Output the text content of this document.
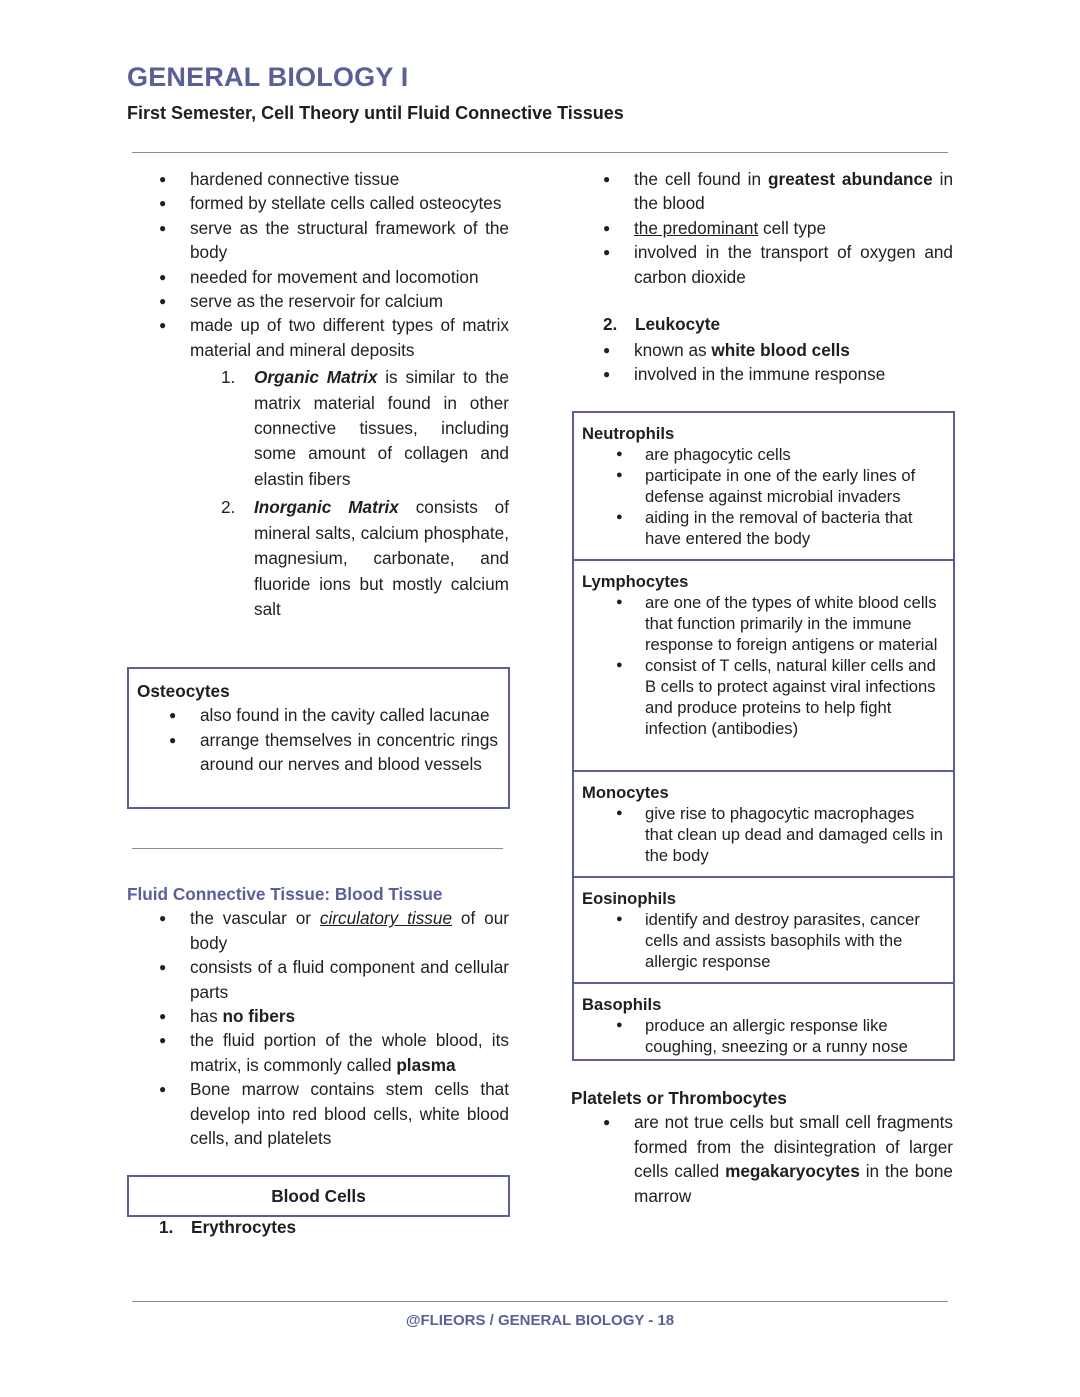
GENERAL BIOLOGY I
First Semester, Cell Theory until Fluid Connective Tissues
● hardened connective tissue
● formed by stellate cells called osteocytes
● serve as the structural framework of the body
● needed for movement and locomotion
● serve as the reservoir for calcium
● made up of two different types of matrix material and mineral deposits
1. Organic Matrix is similar to the matrix material found in other connective tissues, including some amount of collagen and elastin fibers
2. Inorganic Matrix consists of mineral salts, calcium phosphate, magnesium, carbonate, and fluoride ions but mostly calcium salt
Osteocytes
● also found in the cavity called lacunae
● arrange themselves in concentric rings around our nerves and blood vessels
Fluid Connective Tissue: Blood Tissue
● the vascular or circulatory tissue of our body
● consists of a fluid component and cellular parts
● has no fibers
● the fluid portion of the whole blood, its matrix, is commonly called plasma
● Bone marrow contains stem cells that develop into red blood cells, white blood cells, and platelets
Blood Cells
1. Erythrocytes
● the cell found in greatest abundance in the blood
● the predominant cell type
● involved in the transport of oxygen and carbon dioxide
2. Leukocyte
● known as white blood cells
● involved in the immune response
Neutrophils
● are phagocytic cells
● participate in one of the early lines of defense against microbial invaders
● aiding in the removal of bacteria that have entered the body
Lymphocytes
● are one of the types of white blood cells that function primarily in the immune response to foreign antigens or material
● consist of T cells, natural killer cells and B cells to protect against viral infections and produce proteins to help fight infection (antibodies)
Monocytes
● give rise to phagocytic macrophages that clean up dead and damaged cells in the body
Eosinophils
● identify and destroy parasites, cancer cells and assists basophils with the allergic response
Basophils
● produce an allergic response like coughing, sneezing or a runny nose
Platelets or Thrombocytes
● are not true cells but small cell fragments formed from the disintegration of larger cells called megakaryocytes in the bone marrow
@FLIEORS / GENERAL BIOLOGY - 18
